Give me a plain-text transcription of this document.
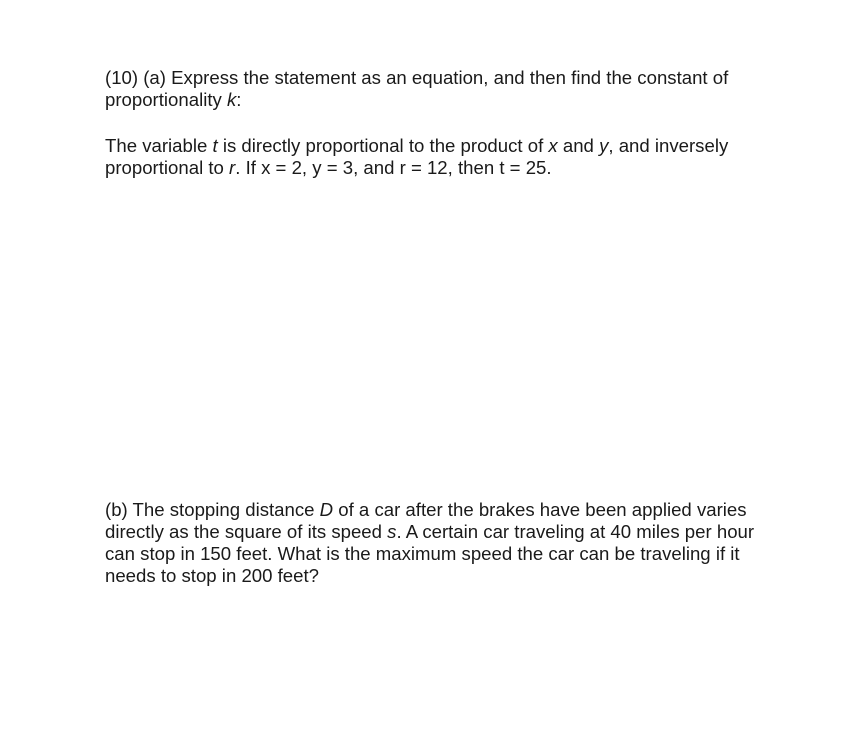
(10) (a) Express the statement as an equation, and then find the constant of
proportionality k:

The variable t is directly proportional to the product of x and y, and inversely
proportional to r. If x = 2, y = 3, and r = 12, then t = 25.

(b) The stopping distance D of a car after the brakes have been applied varies
directly as the square of its speed s. A certain car traveling at 40 miles per hour
can stop in 150 feet. What is the maximum speed the car can be traveling if it
needs to stop in 200 feet?
